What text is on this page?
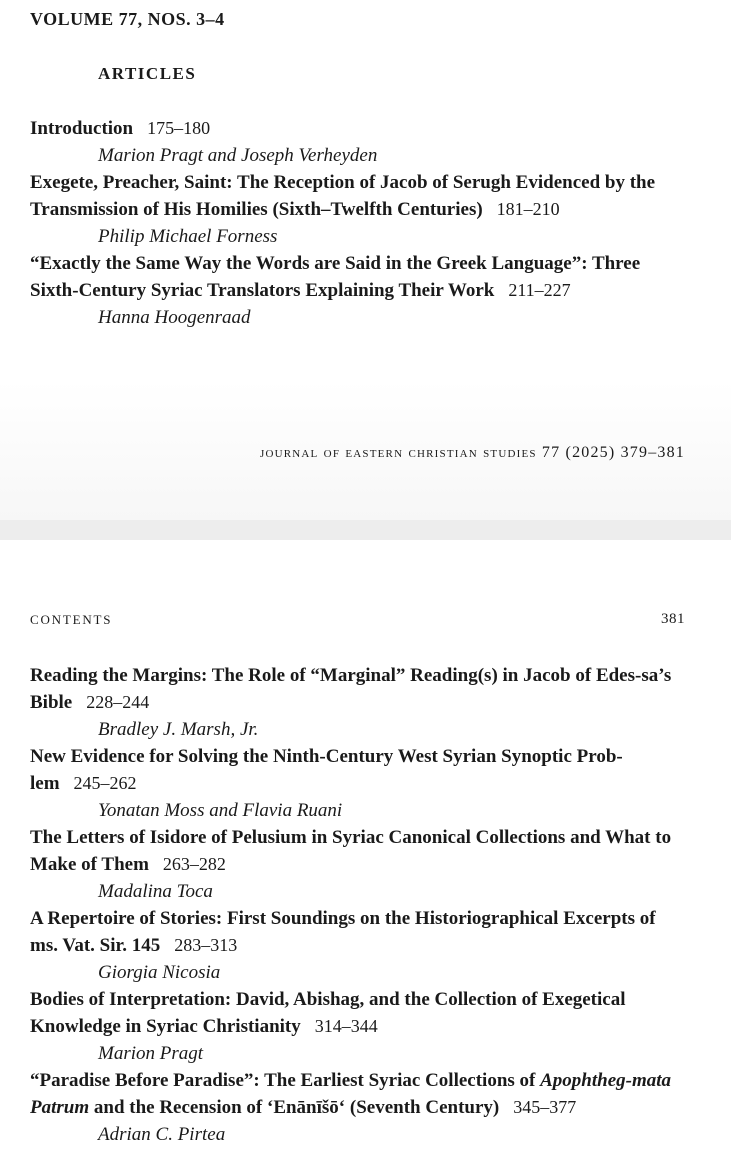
VOLUME 77, NOS. 3–4
ARTICLES

Introduction 175–180

Marion Pragt and Joseph Verheyden

Exegete, Preacher, Saint: The Reception of Jacob of Serugh Evidenced by the Transmission of His Homilies (Sixth–Twelfth Centuries) 181–210

Philip Michael Forness

“Exactly the Same Way the Words are Said in the Greek Language”: Three Sixth-Century Syriac Translators Explaining Their Work 211–227

Hanna Hoogenraad

journal of eastern christian studies 77 (2025) 379–381
CONTENTS	381

Reading the Margins: The Role of “Marginal” Reading(s) in Jacob of Edes-sa’s Bible 228–244

Bradley J. Marsh, Jr.

New Evidence for Solving the Ninth-Century West Syrian Synoptic Prob-lem 245–262

Yonatan Moss and Flavia Ruani

The Letters of Isidore of Pelusium in Syriac Canonical Collections and What to Make of Them 263–282

Madalina Toca

A Repertoire of Stories: First Soundings on the Historiographical Excerpts of ms. Vat. Sir. 145 283–313

Giorgia Nicosia

Bodies of Interpretation: David, Abishag, and the Collection of Exegetical Knowledge in Syriac Christianity 314–344

Marion Pragt

“Paradise Before Paradise”: The Earliest Syriac Collections of Apophtheg-mata Patrum and the Recension of ‘Enānīšō‘ (Seventh Century) 345–377

Adrian C. Pirtea
